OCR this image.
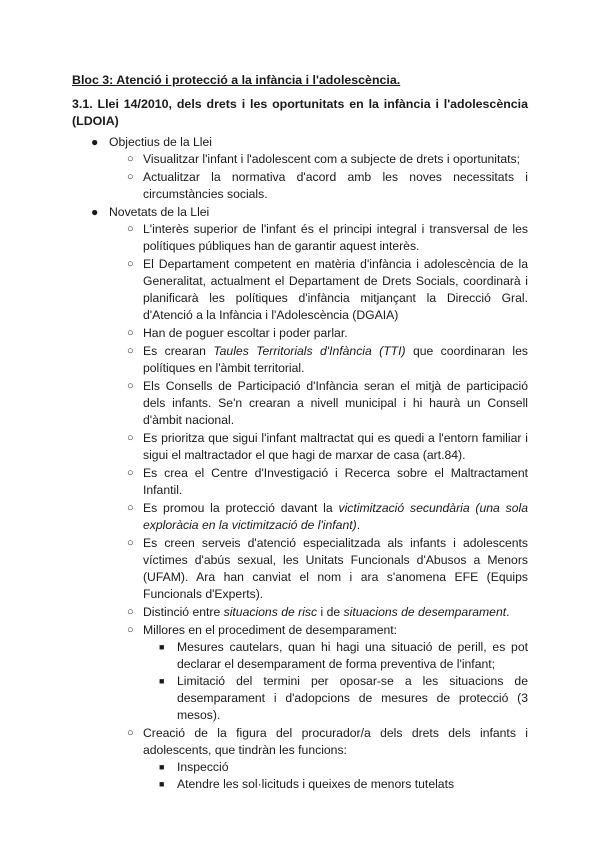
Bloc 3: Atenció i protecció a la infància i l'adolescència.
3.1. Llei 14/2010, dels drets i les oportunitats en la infància i l'adolescència (LDOIA)
● Objectius de la Llei
○ Visualitzar l'infant i l'adolescent com a subjecte de drets i oportunitats;
○ Actualitzar la normativa d'acord amb les noves necessitats i circumstàncies socials.
● Novetats de la Llei
○ L'interès superior de l'infant és el principi integral i transversal de les polítiques públiques han de garantir aquest interès.
○ El Departament competent en matèria d'infància i adolescència de la Generalitat, actualment el Departament de Drets Socials, coordinarà i planificarà les polítiques d'infància mitjançant la Direcció Gral. d'Atenció a la Infància i l'Adolescència (DGAIA)
○ Han de poguer escoltar i poder parlar.
○ Es crearan Taules Territorials d'Infància (TTI) que coordinaran les polítiques en l'àmbit territorial.
○ Els Consells de Participació d'Infància seran el mitjà de participació dels infants. Se'n crearan a nivell municipal i hi haurà un Consell d'àmbit nacional.
○ Es prioritza que sigui l'infant maltractat qui es quedi a l'entorn familiar i sigui el maltractador el que hagi de marxar de casa (art.84).
○ Es crea el Centre d'Investigació i Recerca sobre el Maltractament Infantil.
○ Es promou la protecció davant la victimització secundària (una sola exploràcia en la victimització de l'infant).
○ Es creen serveis d'atenció especialitzada als infants i adolescents víctimes d'abús sexual, les Unitats Funcionals d'Abusos a Menors (UFAM). Ara han canviat el nom i ara s'anomena EFE (Equips Funcionals d'Experts).
○ Distinció entre situacions de risc i de situacions de desemparament.
○ Millores en el procediment de desemparament:
■ Mesures cautelars, quan hi hagi una situació de perill, es pot declarar el desemparament de forma preventiva de l'infant;
■ Limitació del termini per oposar-se a les situacions de desemparament i d'adopcions de mesures de protecció (3 mesos).
○ Creació de la figura del procurador/a dels drets dels infants i adolescents, que tindràn les funcions:
■ Inspecció
■ Atendre les sol·licituds i queixes de menors tutelats
